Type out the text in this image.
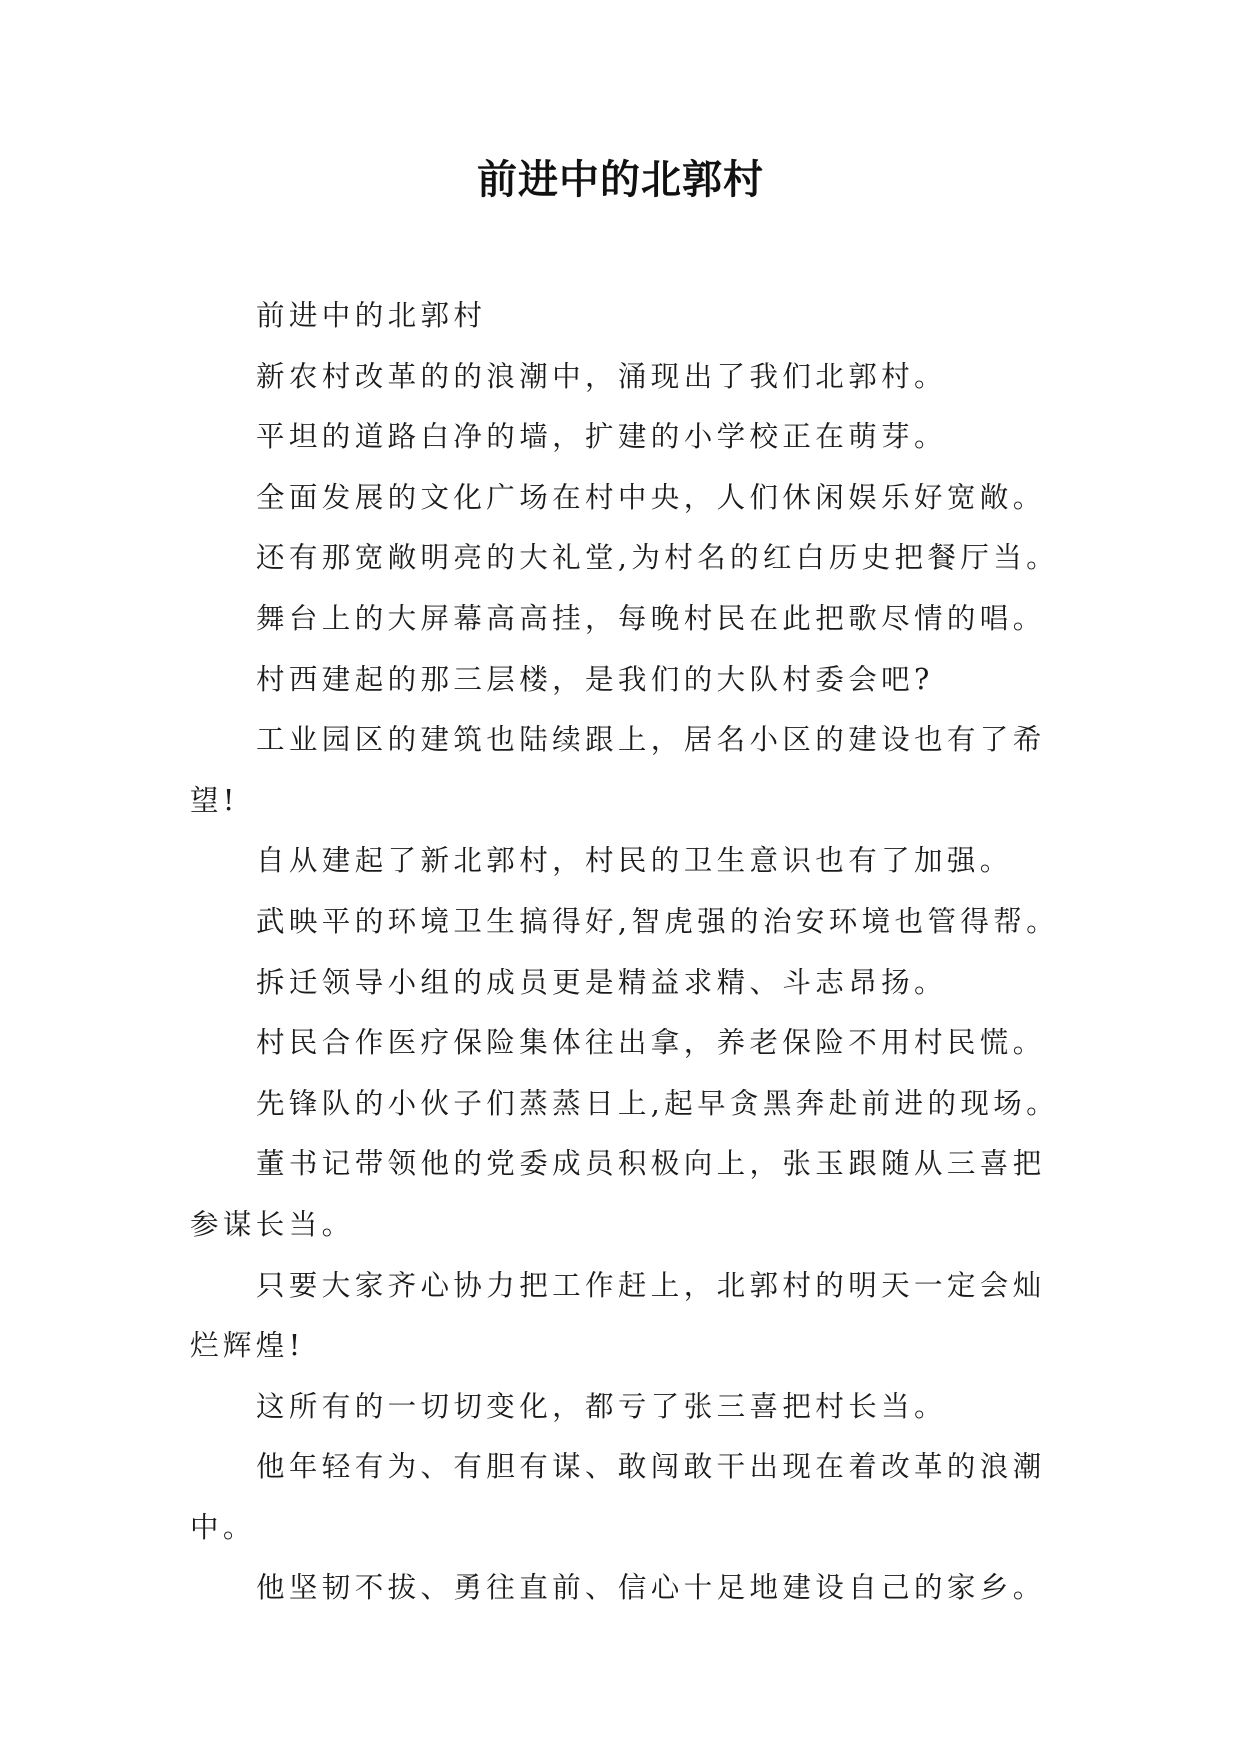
前进中的北郭村

前进中的北郭村

新农村改革的的浪潮中，涌现出了我们北郭村。

平坦的道路白净的墙，扩建的小学校正在萌芽。

全面发展的文化广场在村中央，人们休闲娱乐好宽敞。

还有那宽敞明亮的大礼堂,为村名的红白历史把餐厅当。

舞台上的大屏幕高高挂，每晚村民在此把歌尽情的唱。

村西建起的那三层楼，是我们的大队村委会吧?

工业园区的建筑也陆续跟上，居名小区的建设也有了希望!

自从建起了新北郭村，村民的卫生意识也有了加强。

武映平的环境卫生搞得好,智虎强的治安环境也管得帮。

拆迁领导小组的成员更是精益求精、斗志昂扬。

村民合作医疗保险集体往出拿，养老保险不用村民慌。

先锋队的小伙子们蒸蒸日上,起早贪黑奔赴前进的现场。

董书记带领他的党委成员积极向上，张玉跟随从三喜把参谋长当。

只要大家齐心协力把工作赶上，北郭村的明天一定会灿烂辉煌!

这所有的一切切变化，都亏了张三喜把村长当。

他年轻有为、有胆有谋、敢闯敢干出现在着改革的浪潮中。

他坚韧不拔、勇往直前、信心十足地建设自己的家乡。
